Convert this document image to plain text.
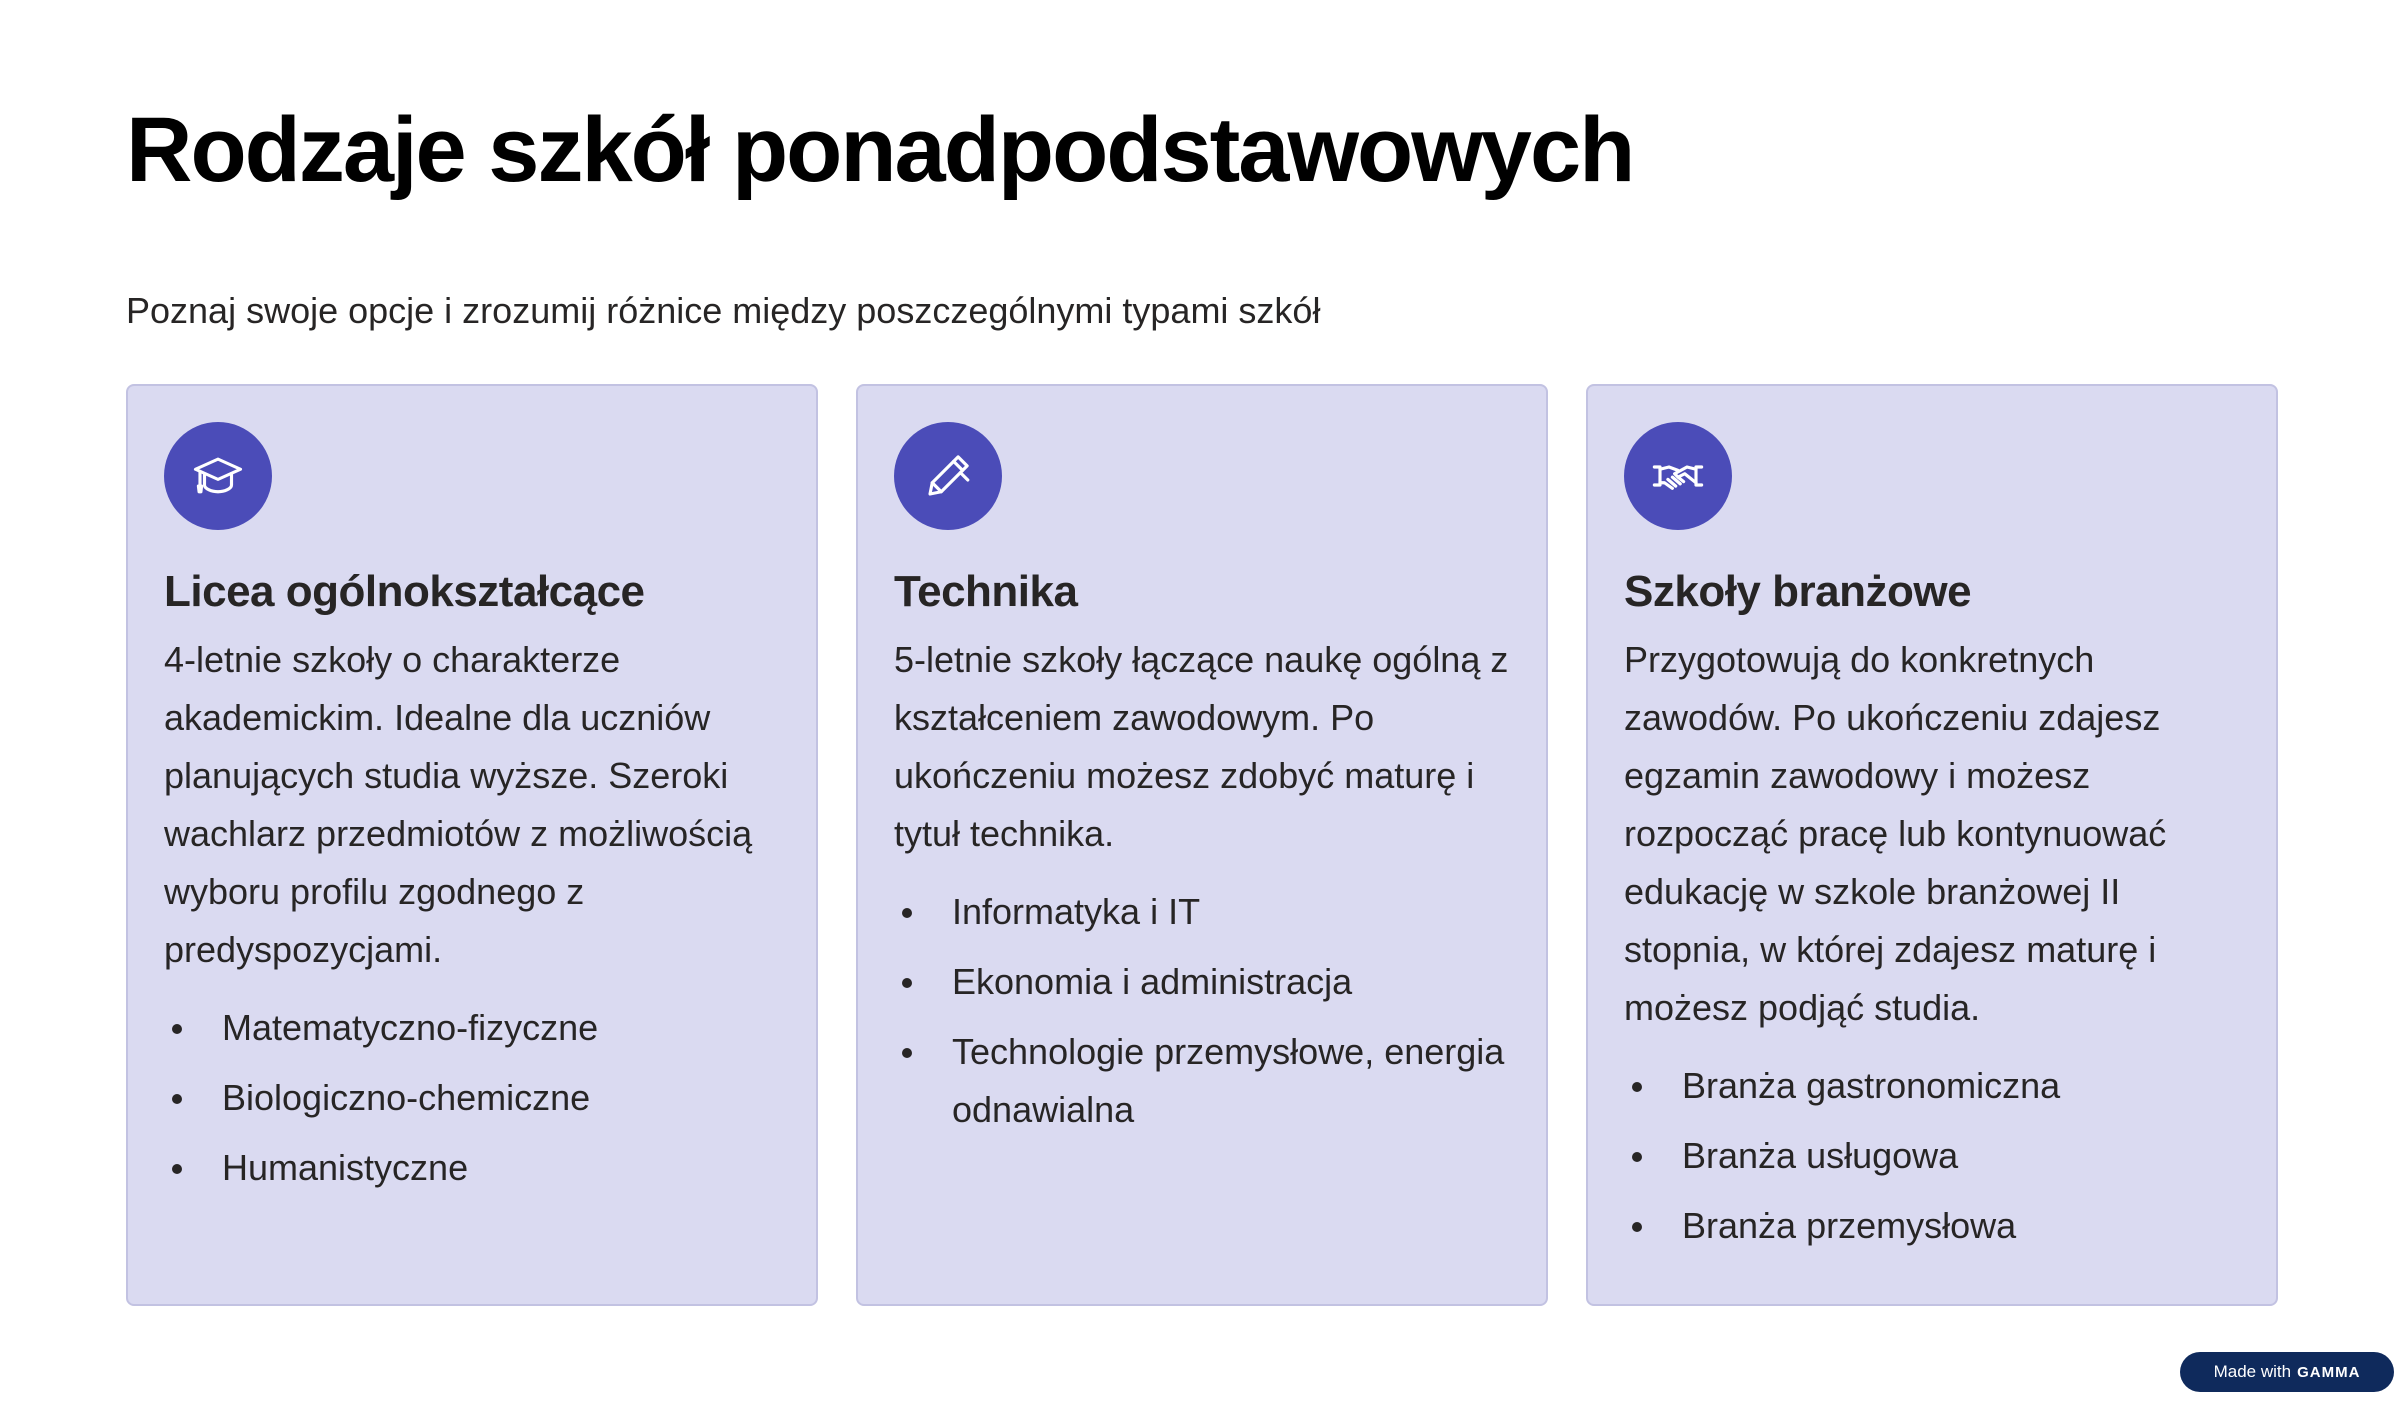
Rodzaje szkół ponadpodstawowych

Poznaj swoje opcje i zrozumij różnice między poszczególnymi typami szkół

Licea ogólnokształcące

4-letnie szkoły o charakterze akademickim. Idealne dla uczniów planujących studia wyższe. Szeroki wachlarz przedmiotów z możliwością wyboru profilu zgodnego z predyspozycjami.

Matematyczno-fizyczne
Biologiczno-chemiczne
Humanistyczne
Technika

5-letnie szkoły łączące naukę ogólną z kształceniem zawodowym. Po ukończeniu możesz zdobyć maturę i tytuł technika.

Informatyka i IT
Ekonomia i administracja
Technologie przemysłowe, energia odnawialna
Szkoły branżowe

Przygotowują do konkretnych zawodów. Po ukończeniu zdajesz egzamin zawodowy i możesz rozpocząć pracę lub kontynuować edukację w szkole branżowej II stopnia, w której zdajesz maturę i możesz podjąć studia.

Branża gastronomiczna
Branża usługowa
Branża przemysłowa
Made with GAMMA
